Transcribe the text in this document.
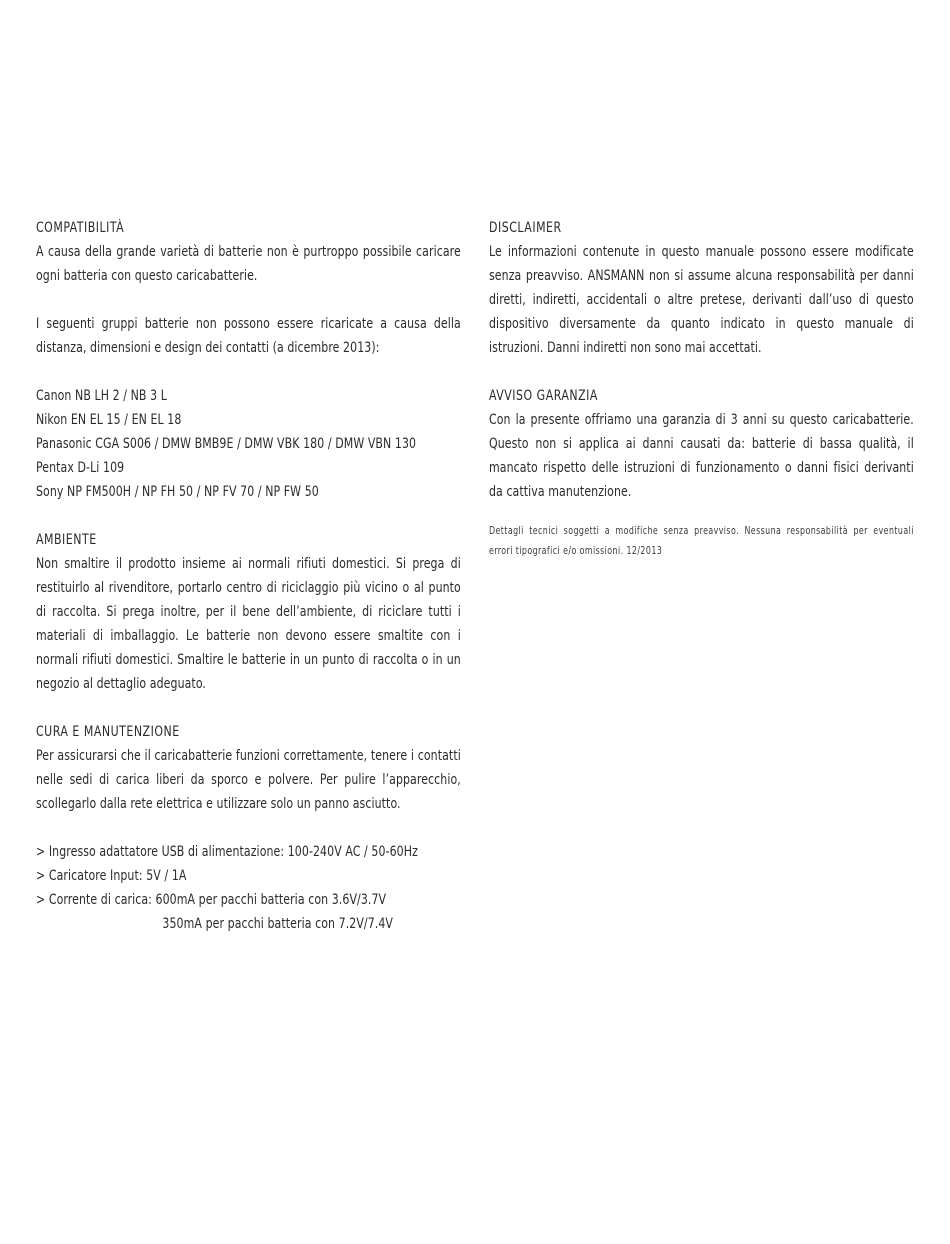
COMPATIBILITÀ
A causa della grande varietà di batterie non è purtroppo possibile caricare ogni batteria con questo caricabatterie.
I seguenti gruppi batterie non possono essere ricaricate a causa della distanza, dimensioni e design dei contatti (a dicembre 2013):
Canon NB LH 2 / NB 3 L
Nikon EN EL 15 / EN EL 18
Panasonic CGA S006 / DMW BMB9E / DMW VBK 180 / DMW VBN 130
Pentax D-Li 109
Sony NP FM500H / NP FH 50 / NP FV 70 / NP FW 50
AMBIENTE
Non smaltire il prodotto insieme ai normali rifiuti domestici. Si prega di restituirlo al rivenditore, portarlo centro di riciclaggio più vicino o al punto di raccolta. Si prega inoltre, per il bene dell’ambiente, di riciclare tutti i materiali di imballaggio. Le batterie non devono essere smaltite con i normali rifiuti domestici. Smaltire le batterie in un punto di raccolta o in un negozio al dettaglio adeguato.
CURA E MANUTENZIONE
Per assicurarsi che il caricabatterie funzioni correttamente, tenere i contatti nelle sedi di carica liberi da sporco e polvere. Per pulire l’apparecchio, scollegarlo dalla rete elettrica e utilizzare solo un panno asciutto.
> Ingresso adattatore USB di alimentazione: 100-240V AC / 50-60Hz
> Caricatore Input: 5V / 1A
> Corrente di carica: 600mA per pacchi batteria con 3.6V/3.7V
350mA per pacchi batteria con 7.2V/7.4V
DISCLAIMER
Le informazioni contenute in questo manuale possono essere modificate senza preavviso. ANSMANN non si assume alcuna responsabilità per danni diretti, indiretti, accidentali o altre pretese, derivanti dall’uso di questo dispositivo diversamente da quanto indicato in questo manuale di istruzioni. Danni indiretti non sono mai accettati.
AVVISO GARANZIA
Con la presente offriamo una garanzia di 3 anni su questo caricabatterie. Questo non si applica ai danni causati da: batterie di bassa qualità, il mancato rispetto delle istruzioni di funzionamento o danni fisici derivanti da cattiva manutenzione.
Dettagli tecnici soggetti a modifiche senza preavviso. Nessuna responsabilità per eventuali errori tipografici e/o omissioni. 12/2013
